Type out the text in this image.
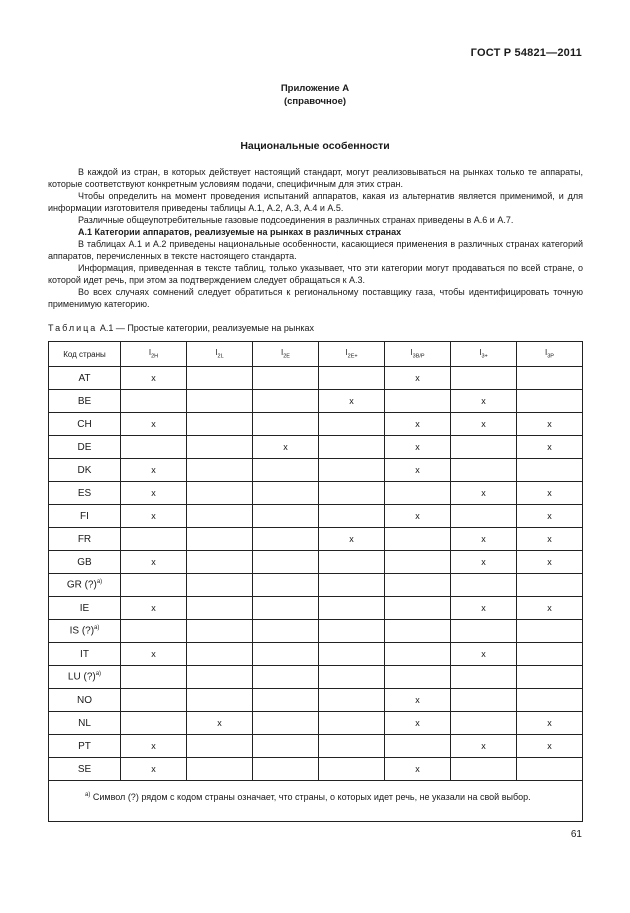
ГОСТ Р 54821—2011
Приложение А
(справочное)
Национальные особенности

В каждой из стран, в которых действует настоящий стандарт, могут реализовываться на рынках только те аппараты, которые соответствуют конкретным условиям подачи, специфичным для этих стран.

Чтобы определить на момент проведения испытаний аппаратов, какая из альтернатив является применимой, и для информации изготовителя приведены таблицы А.1, А.2, А.3, А.4 и А.5.

Различные общеупотребительные газовые подсоединения в различных странах приведены в А.6 и А.7.

А.1 Категории аппаратов, реализуемые на рынках в различных странах

В таблицах А.1 и А.2 приведены национальные особенности, касающиеся применения в различных странах категорий аппаратов, перечисленных в тексте настоящего стандарта.

Информация, приведенная в тексте таблиц, только указывает, что эти категории могут продаваться по всей стране, о которой идет речь, при этом за подтверждением следует обращаться к А.3.

Во всех случаях сомнений следует обратиться к региональному поставщику газа, чтобы идентифицировать точную применимую категорию.

Таблица А.1 — Простые категории, реализуемые на рынках
Код страны	$I_{2H}$	$I_{2L}$	$I_{2E}$	$I_{2E+}$	$I_{3B/P}$	$I_{3+}$	$I_{3P}$
AT	x				x		
BE				x		x	
CH	x				x	x	x
DE			x		x		x
DK	x				x		
ES	x					x	x
FI	x				x		x
FR				x		x	x
GB	x					x	x
GR (?)$^{a)}$							
IE	x					x	x
IS (?)$^{a)}$							
IT	x					x	
LU (?)$^{a)}$							
NO					x		
NL		x			x		x
PT	x					x	x
SE	x				x		

$^{а)}$ Символ (?) рядом с кодом страны означает, что страны, о которых идет речь, не указали на свой выбор.							
61
